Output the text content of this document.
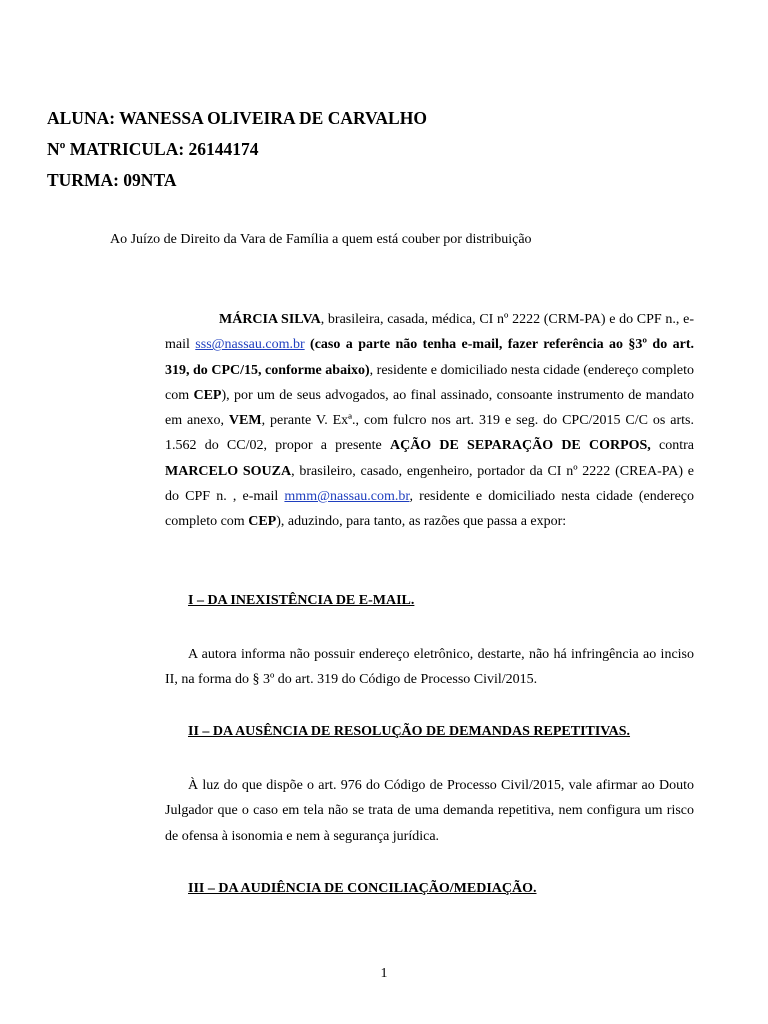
ALUNA: WANESSA OLIVEIRA DE CARVALHO
Nº MATRICULA: 26144174
TURMA: 09NTA
Ao Juízo de Direito da Vara de Família a quem está couber por distribuição

MÁRCIA SILVA, brasileira, casada, médica, CI nº 2222 (CRM-PA) e do CPF n., e-mail sss@nassau.com.br (caso a parte não tenha e-mail, fazer referência ao §3º do art. 319, do CPC/15, conforme abaixo), residente e domiciliado nesta cidade (endereço completo com CEP), por um de seus advogados, ao final assinado, consoante instrumento de mandato em anexo, VEM, perante V. Exª., com fulcro nos art. 319 e seg. do CPC/2015 C/C os arts. 1.562 do CC/02, propor a presente AÇÃO DE SEPARAÇÃO DE CORPOS, contra MARCELO SOUZA, brasileiro, casado, engenheiro, portador da CI nº 2222 (CREA-PA) e do CPF n. , e-mail mmm@nassau.com.br, residente e domiciliado nesta cidade (endereço completo com CEP), aduzindo, para tanto, as razões que passa a expor:

I – DA INEXISTÊNCIA DE E-MAIL.

A autora informa não possuir endereço eletrônico, destarte, não há infringência ao inciso II, na forma do § 3º do art. 319 do Código de Processo Civil/2015.

II – DA AUSÊNCIA DE RESOLUÇÃO DE DEMANDAS REPETITIVAS.

À luz do que dispõe o art. 976 do Código de Processo Civil/2015, vale afirmar ao Douto Julgador que o caso em tela não se trata de uma demanda repetitiva, nem configura um risco de ofensa à isonomia e nem à segurança jurídica.

III – DA AUDIÊNCIA DE CONCILIAÇÃO/MEDIAÇÃO.
1
